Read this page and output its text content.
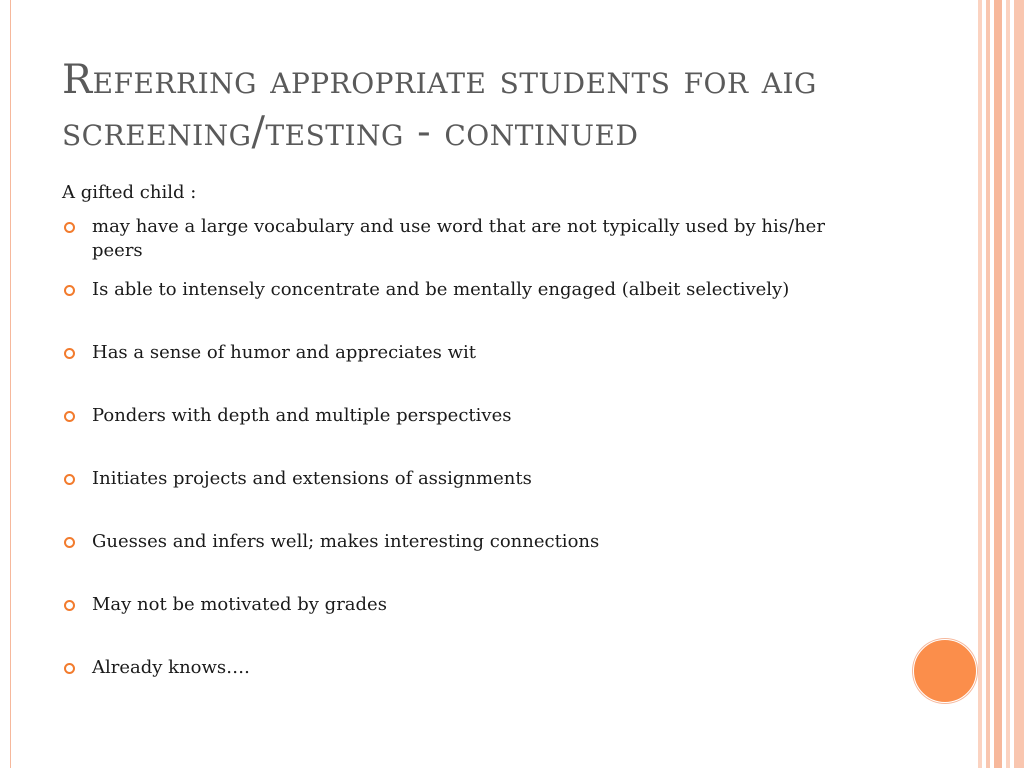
Referring appropriate students for aig screening/testing - continued

A gifted child :

may have a large vocabulary and use word that are not typically used by his/her peers
Is able to intensely concentrate and be mentally engaged (albeit selectively)
Has a sense of humor and appreciates wit
Ponders with depth and multiple perspectives
Initiates projects and extensions of assignments
Guesses and infers well; makes interesting connections
May not be motivated by grades
Already knows….
